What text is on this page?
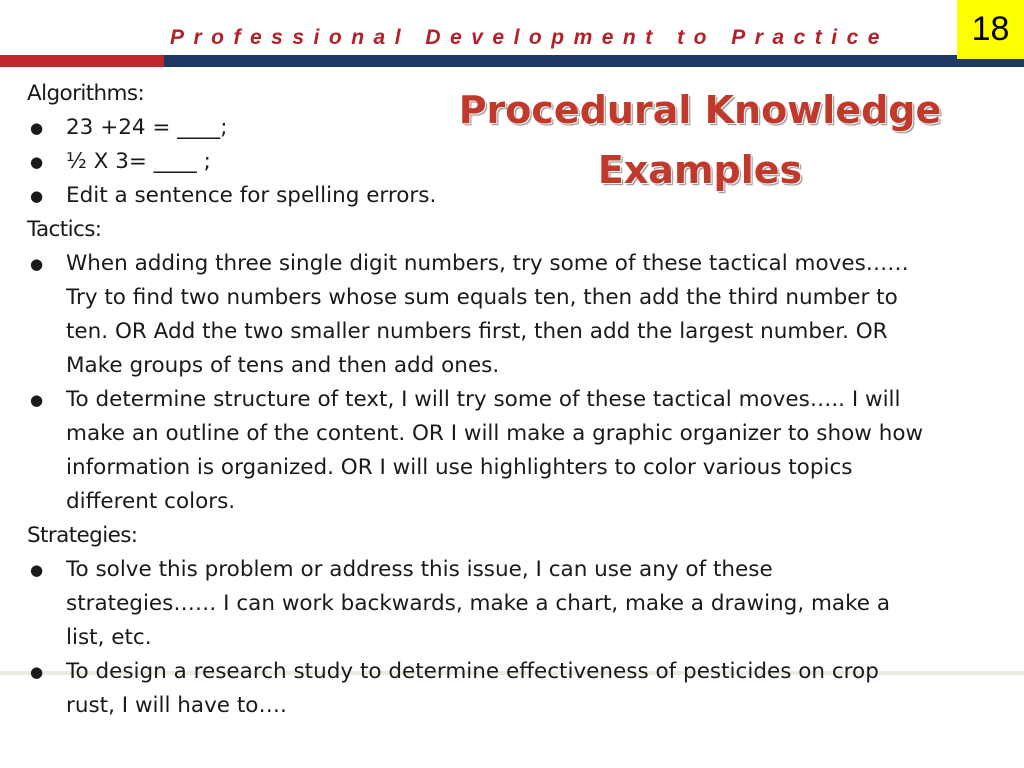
Professional Development to Practice	18
Procedural Knowledge
Examples
Algorithms:
● 23 +24 = ____;
● ½ X 3= ____ ;
● Edit a sentence for spelling errors.
Tactics:
● When adding three single digit numbers, try some of these tactical moves……Try to find two numbers whose sum equals ten, then add the third number to ten. OR Add the two smaller numbers first, then add the largest number. OR Make groups of tens and then add ones.
● To determine structure of text, I will try some of these tactical moves….. I will make an outline of the content. OR I will make a graphic organizer to show how information is organized. OR I will use highlighters to color various topics different colors.
Strategies:
● To solve this problem or address this issue, I can use any of these strategies…… I can work backwards, make a chart, make a drawing, make a list, etc.
● To design a research study to determine effectiveness of pesticides on crop rust, I will have to….
